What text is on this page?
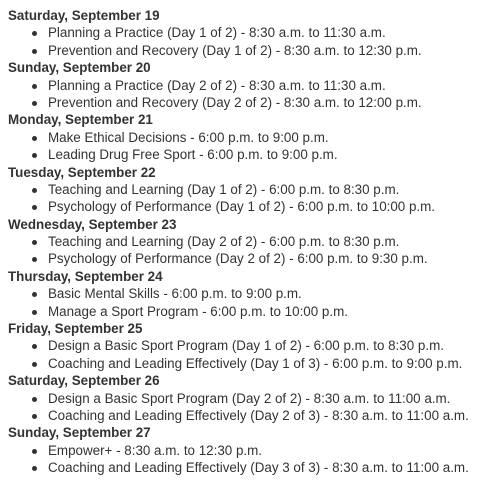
Saturday, September 19
Planning a Practice (Day 1 of 2) - 8:30 a.m. to 11:30 a.m.
Prevention and Recovery (Day 1 of 2) - 8:30 a.m. to 12:30 p.m.
Sunday, September 20
Planning a Practice (Day 2 of 2) - 8:30 a.m. to 11:30 a.m.
Prevention and Recovery (Day 2 of 2) - 8:30 a.m. to 12:00 p.m.
Monday, September 21
Make Ethical Decisions - 6:00 p.m. to 9:00 p.m.
Leading Drug Free Sport - 6:00 p.m. to 9:00 p.m.
Tuesday, September 22
Teaching and Learning (Day 1 of 2) - 6:00 p.m. to 8:30 p.m.
Psychology of Performance (Day 1 of 2) - 6:00 p.m. to 10:00 p.m.
Wednesday, September 23
Teaching and Learning (Day 2 of 2) - 6:00 p.m. to 8:30 p.m.
Psychology of Performance (Day 2 of 2) - 6:00 p.m. to 9:30 p.m.
Thursday, September 24
Basic Mental Skills - 6:00 p.m. to 9:00 p.m.
Manage a Sport Program - 6:00 p.m. to 10:00 p.m.
Friday, September 25
Design a Basic Sport Program (Day 1 of 2) - 6:00 p.m. to 8:30 p.m.
Coaching and Leading Effectively (Day 1 of 3) - 6:00 p.m. to 9:00 p.m.
Saturday, September 26
Design a Basic Sport Program (Day 2 of 2) - 8:30 a.m. to 11:00 a.m.
Coaching and Leading Effectively (Day 2 of 3) - 8:30 a.m. to 11:00 a.m.
Sunday, September 27
Empower+ - 8:30 a.m. to 12:30 p.m.
Coaching and Leading Effectively (Day 3 of 3) - 8:30 a.m. to 11:00 a.m.
